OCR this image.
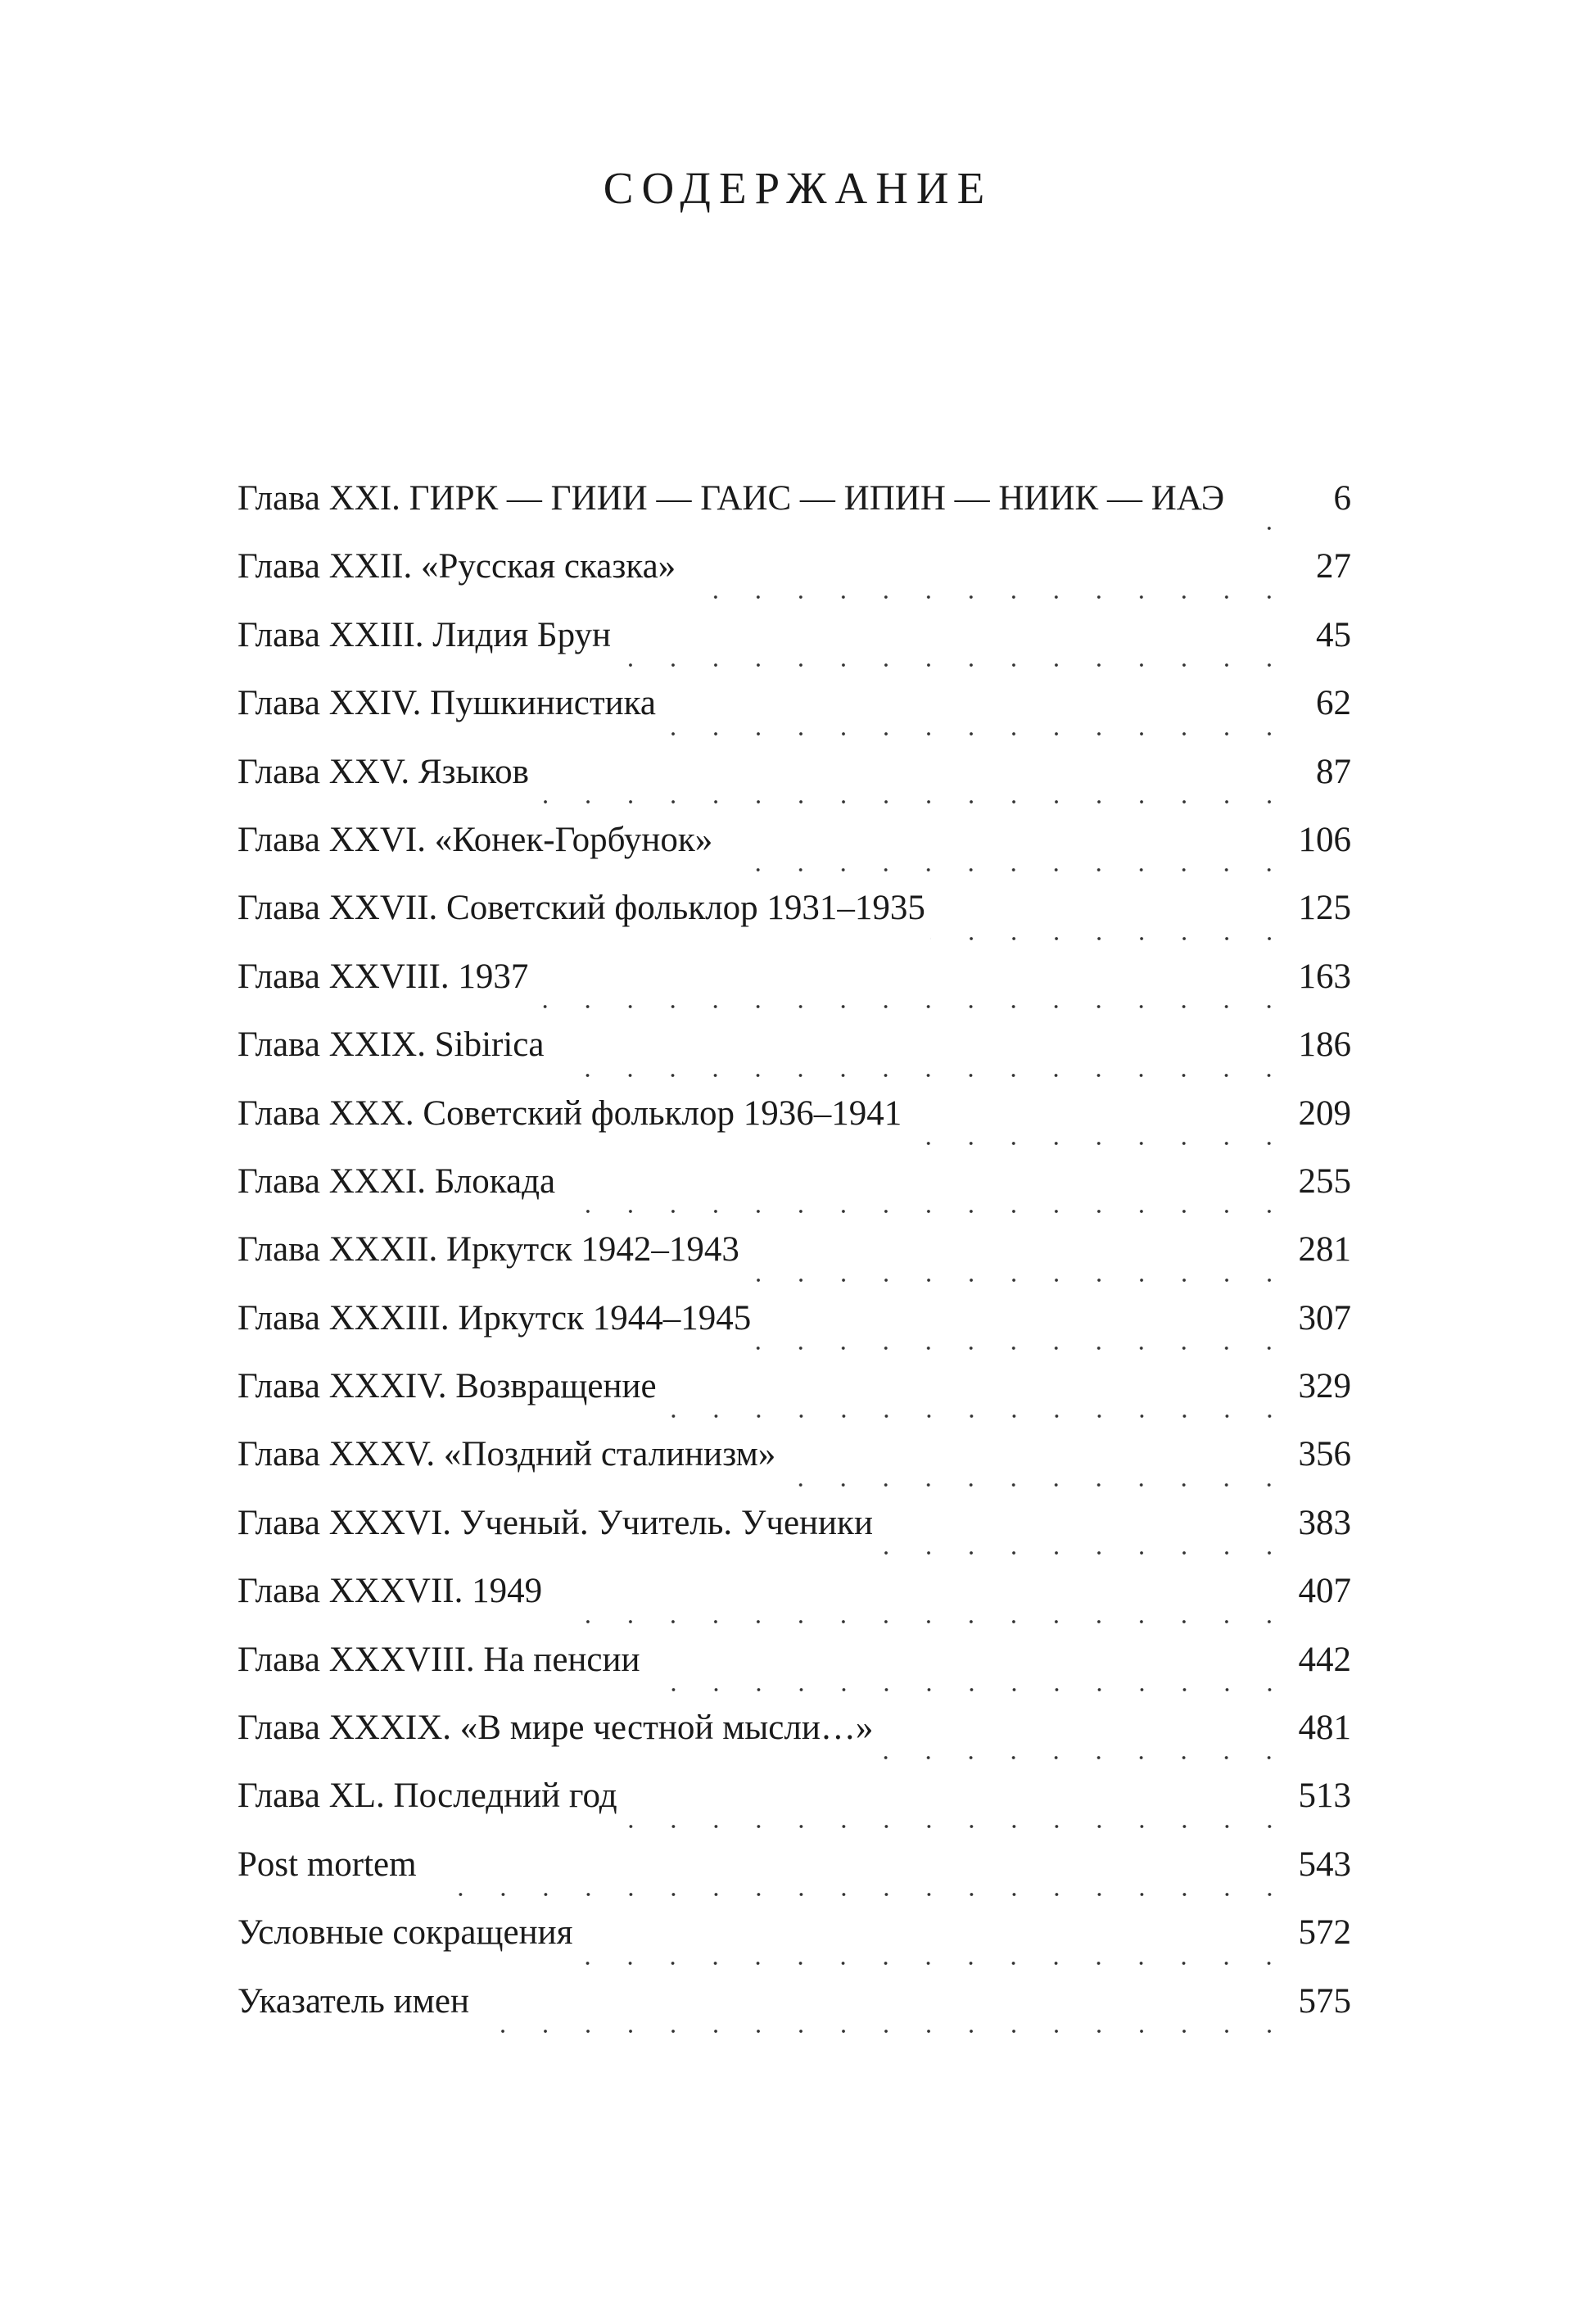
СОДЕРЖАНИЕ
Глава XXI. ГИРК — ГИИИ — ГАИС — ИПИН — НИИК — ИАЭ	6
Глава XXII. «Русская сказка»	27
Глава XXIII. Лидия Брун	45
Глава XXIV. Пушкинистика	62
Глава XXV. Языков	87
Глава XXVI. «Конек-Горбунок»	106
Глава XXVII. Советский фольклор 1931–1935	125
Глава XXVIII. 1937	163
Глава XXIX. Sibirica	186
Глава XXX. Советский фольклор 1936–1941	209
Глава XXXI. Блокада	255
Глава XXXII. Иркутск 1942–1943	281
Глава XXXIII. Иркутск 1944–1945	307
Глава XXXIV. Возвращение	329
Глава XXXV. «Поздний сталинизм»	356
Глава XXXVI. Ученый. Учитель. Ученики	383
Глава XXXVII. 1949	407
Глава XXXVIII. На пенсии	442
Глава XXXIX. «В мире честной мысли…»	481
Глава XL. Последний год	513
Post mortem	543
Условные сокращения	572
Указатель имен	575
